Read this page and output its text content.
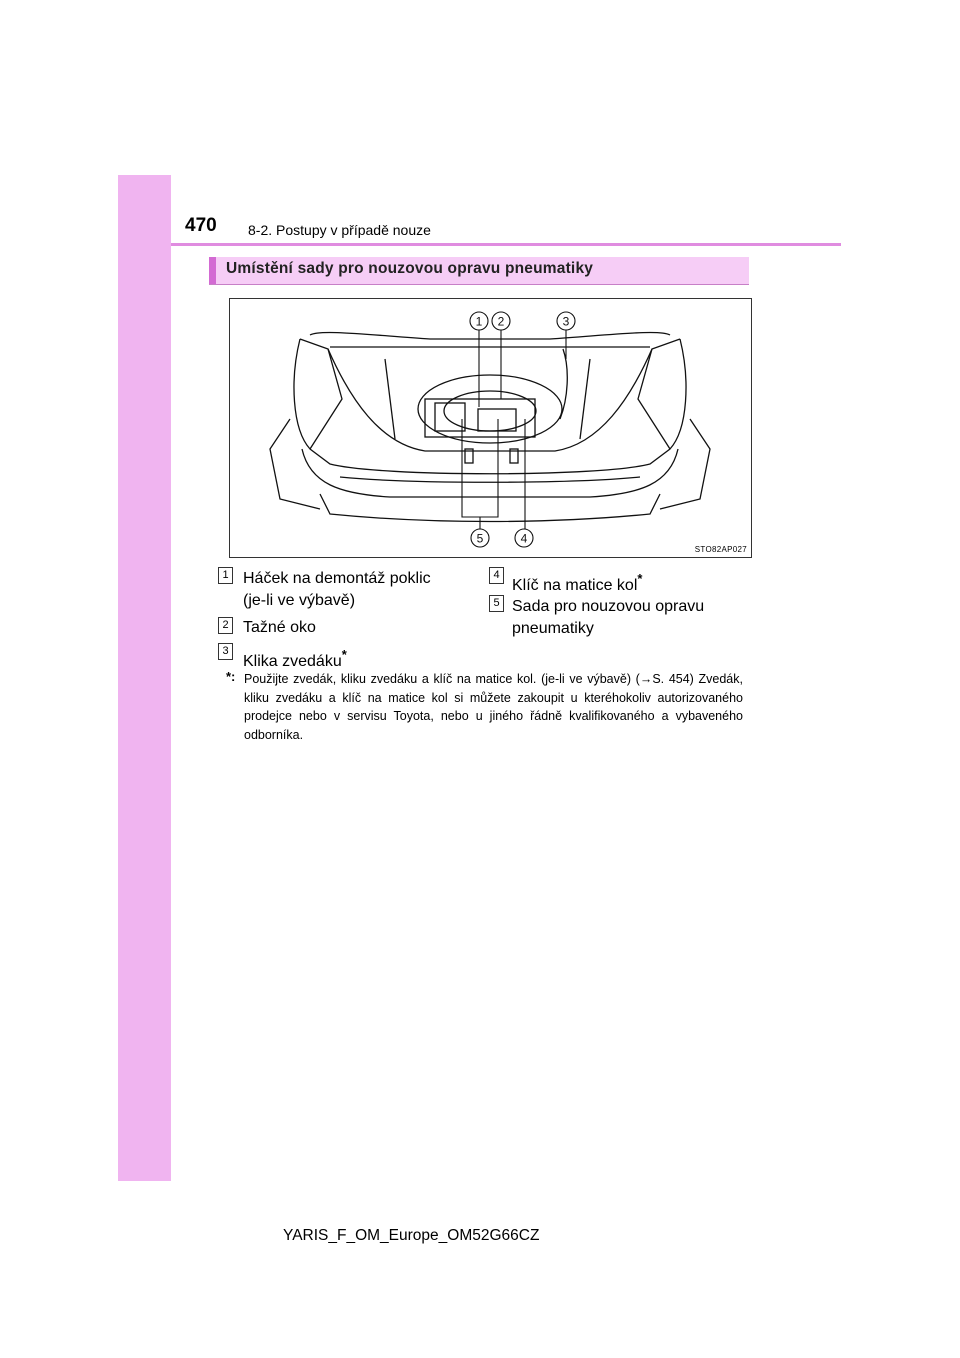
470 8-2. Postupy v případě nouze
Umístění sady pro nouzovou opravu pneumatiky
1 2	3
4
5
STO82AP027
1 Háček na demontáž poklic
(je-li ve výbavě)
2 Tažné oko
3
Klika zvedáku*
4
Klíč na matice kol*
5 Sada pro nouzovou opravu
pneumatiky
*: Použijte zvedák, kliku zvedáku a klíč na matice kol. (je-li ve výbavě) (→S. 454) Zvedák, kliku zvedáku a klíč na matice kol si můžete zakoupit u kteréhokoliv autorizovaného prodejce nebo v servisu Toyota, nebo u jiného řádně kvalifikovaného a vybaveného odborníka.
YARIS_F_OM_Europe_OM52G66CZ
